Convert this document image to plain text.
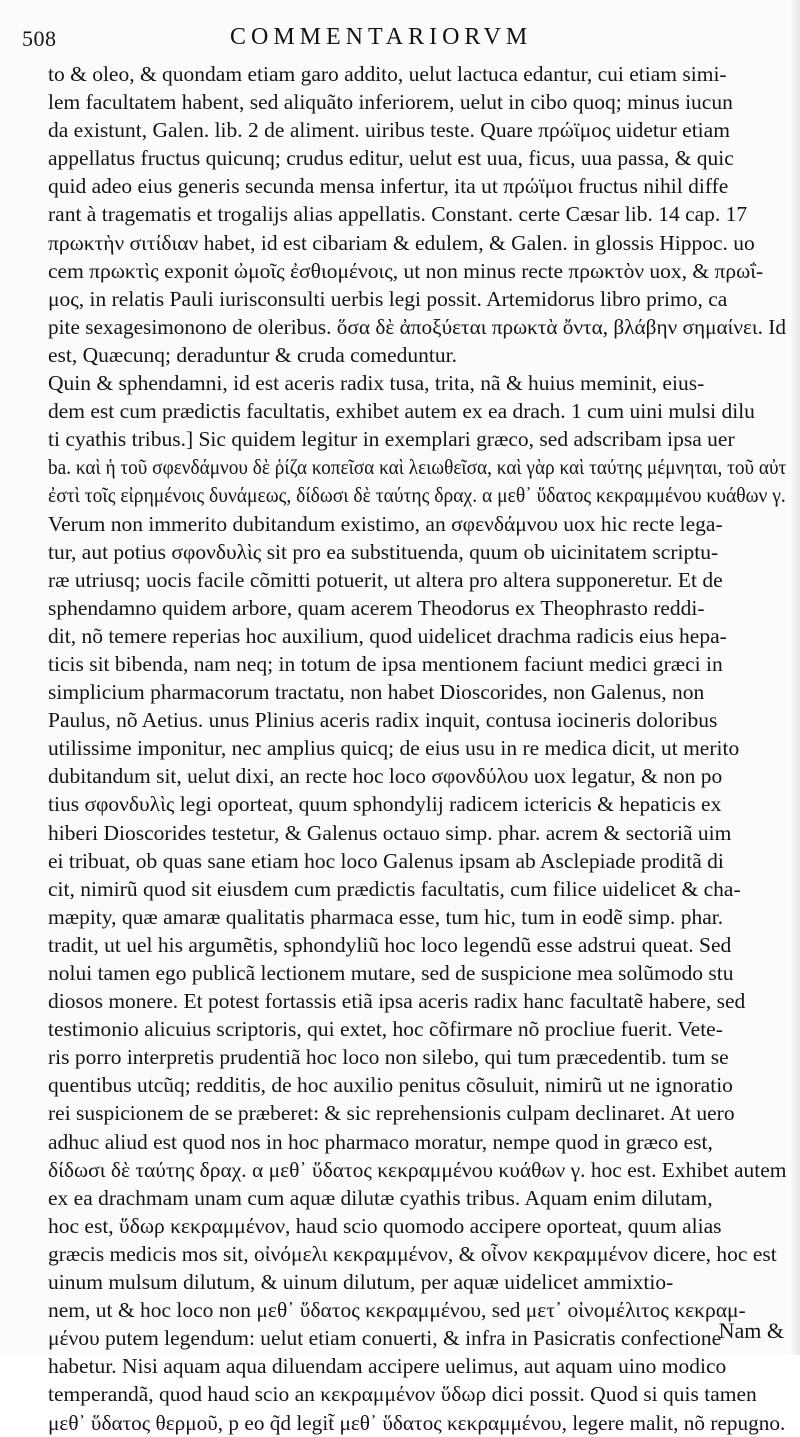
508	COMMENTARIORVM
to & oleo, & quondam etiam garo addito, uelut lactuca edantur, cui etiam simi-
lem facultatem habent, sed aliquãto inferiorem, uelut in cibo quoq; minus iucun
da existunt, Galen. lib. 2 de aliment. uiribus teste. Quare πρώϊμος uidetur etiam
appellatus fructus quicunq; crudus editur, uelut est uua, ficus, uua passa, & quic
quid adeo eius generis secunda mensa infertur, ita ut πρώϊμοι fructus nihil diffe
rant à tragematis et trogalijs alias appellatis. Constant. certe Cæsar lib. 14 cap. 17
πρωκτὴν σιτίδιαν habet, id est cibariam & edulem, & Galen. in glossis Hippoc. uo
cem πρωκτὶς exponit ὠμοῖς ἐσθιομένοις, ut non minus recte πρωκτὸν uox, & πρωΐ-
μος, in relatis Pauli iurisconsulti uerbis legi possit. Artemidorus libro primo, ca
pite sexagesimonono de oleribus. ὅσα δὲ ἀποξύεται πρωκτὰ ὄντα, βλάβην σημαίνει. Id
est, Quæcunq; deraduntur & cruda comeduntur.
Quin & sphendamni, id est aceris radix tusa, trita, nã & huius meminit, eius-
dem est cum prædictis facultatis, exhibet autem ex ea drach. 1 cum uini mulsi dilu
ti cyathis tribus.] Sic quidem legitur in exemplari græco, sed adscribam ipsa uer
ba. καὶ ἡ τοῦ σφενδάμνου δὲ ῥίζα κοπεῖσα καὶ λειωθεῖσα, καὶ γὰρ καὶ ταύτης μέμνηται, τοῦ αὐτ
ἐστὶ τοῖς εἰρημένοις δυνάμεως, δίδωσι δὲ ταύτης δραχ. α μεθ᾽ ὕδατος κεκραμμένου κυάθων γ.
Verum non immerito dubitandum existimo, an σφενδάμνου uox hic recte lega-
tur, aut potius σφονδυλὶς sit pro ea substituenda, quum ob uicinitatem scriptu-
ræ utriusq; uocis facile cõmitti potuerit, ut altera pro altera supponeretur. Et de
sphendamno quidem arbore, quam acerem Theodorus ex Theophrasto reddi-
dit, nõ temere reperias hoc auxilium, quod uidelicet drachma radicis eius hepa-
ticis sit bibenda, nam neq; in totum de ipsa mentionem faciunt medici græci in
simplicium pharmacorum tractatu, non habet Dioscorides, non Galenus, non
Paulus, nõ Aetius. unus Plinius aceris radix inquit, contusa iocineris doloribus
utilissime imponitur, nec amplius quicq; de eius usu in re medica dicit, ut merito
dubitandum sit, uelut dixi, an recte hoc loco σφονδύλου uox legatur, & non po
tius σφονδυλὶς legi oporteat, quum sphondylij radicem ictericis & hepaticis ex
hiberi Dioscorides testetur, & Galenus octauo simp. phar. acrem & sectoriã uim
ei tribuat, ob quas sane etiam hoc loco Galenus ipsam ab Asclepiade proditã di
cit, nimirũ quod sit eiusdem cum prædictis facultatis, cum filice uidelicet & cha-
mæpity, quæ amaræ qualitatis pharmaca esse, tum hic, tum in eodẽ simp. phar.
tradit, ut uel his argumẽtis, sphondyliũ hoc loco legendũ esse adstrui queat. Sed
nolui tamen ego publicã lectionem mutare, sed de suspicione mea solũmodo stu
diosos monere. Et potest fortassis etiã ipsa aceris radix hanc facultatẽ habere, sed
testimonio alicuius scriptoris, qui extet, hoc cõfirmare nõ procliue fuerit. Vete-
ris porro interpretis prudentiã hoc loco non silebo, qui tum præcedentib. tum se
quentibus utcũq; redditis, de hoc auxilio penitus cõsuluit, nimirũ ut ne ignoratio
rei suspicionem de se præberet: & sic reprehensionis culpam declinaret. At uero
adhuc aliud est quod nos in hoc pharmaco moratur, nempe quod in græco est,
δίδωσι δὲ ταύτης δραχ. α μεθ᾽ ὕδατος κεκραμμένου κυάθων γ. hoc est. Exhibet autem
ex ea drachmam unam cum aquæ dilutæ cyathis tribus. Aquam enim dilutam,
hoc est, ὕδωρ κεκραμμένον, haud scio quomodo accipere oporteat, quum alias
græcis medicis mos sit, οἰνόμελι κεκραμμένον, & οἶνον κεκραμμένον dicere, hoc est
uinum mulsum dilutum, & uinum dilutum, per aquæ uidelicet ammixtio-
nem, ut & hoc loco non μεθ᾽ ὕδατος κεκραμμένου, sed μετ᾽ οἰνομέλιτος κεκραμ-
μένου putem legendum: uelut etiam conuerti, & infra in Pasicratis confectione
habetur. Nisi aquam aqua diluendam accipere uelimus, aut aquam uino modico
temperandã, quod haud scio an κεκραμμένον ὕδωρ dici possit. Quod si quis tamen
μεθ᾽ ὕδατος θερμοῦ, p eo q̃d legit̃ μεθ᾽ ὕδατος κεκραμμένου, legere malit, nõ repugno.
Nam &
